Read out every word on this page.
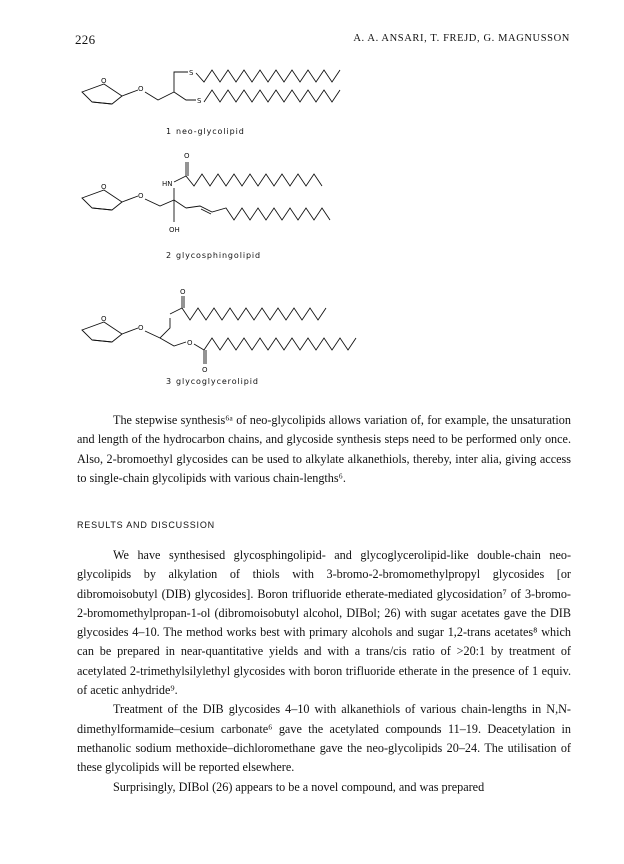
226	A. A. ANSARI, T. FREJD, G. MAGNUSSON
O
O
S
S
1 neo-glycolipid
O
O
HN
O
OH
2 glycosphingolipid
O
O
O
O
O
3 glycoglycerolipid

The stepwise synthesis⁶ᵃ of neo-glycolipids allows variation of, for example, the unsaturation and length of the hydrocarbon chains, and glycoside synthesis steps need to be performed only once. Also, 2-bromoethyl glycosides can be used to alkylate alkanethiols, thereby, inter alia, giving access to single-chain glycolipids with various chain-lengths⁶.

RESULTS AND DISCUSSION

We have synthesised glycosphingolipid- and glycoglycerolipid-like double-chain neo-glycolipids by alkylation of thiols with 3-bromo-2-bromomethylpropyl glycosides [or dibromoisobutyl (DIB) glycosides]. Boron trifluoride etherate-mediated glycosidation⁷ of 3-bromo-2-bromomethylpropan-1-ol (dibromoisobutyl alcohol, DIBol; 26) with sugar acetates gave the DIB glycosides 4–10. The method works best with primary alcohols and sugar 1,2-trans acetates⁸ which can be prepared in near-quantitative yields and with a trans/cis ratio of >20:1 by treatment of acetylated 2-trimethylsilylethyl glycosides with boron trifluoride etherate in the presence of 1 equiv. of acetic anhydride⁹.

Treatment of the DIB glycosides 4–10 with alkanethiols of various chain-lengths in N,N-dimethylformamide–cesium carbonate⁶ gave the acetylated compounds 11–19. Deacetylation in methanolic sodium methoxide–dichloromethane gave the neo-glycolipids 20–24. The utilisation of these glycolipids will be reported elsewhere.

Surprisingly, DIBol (26) appears to be a novel compound, and was prepared
